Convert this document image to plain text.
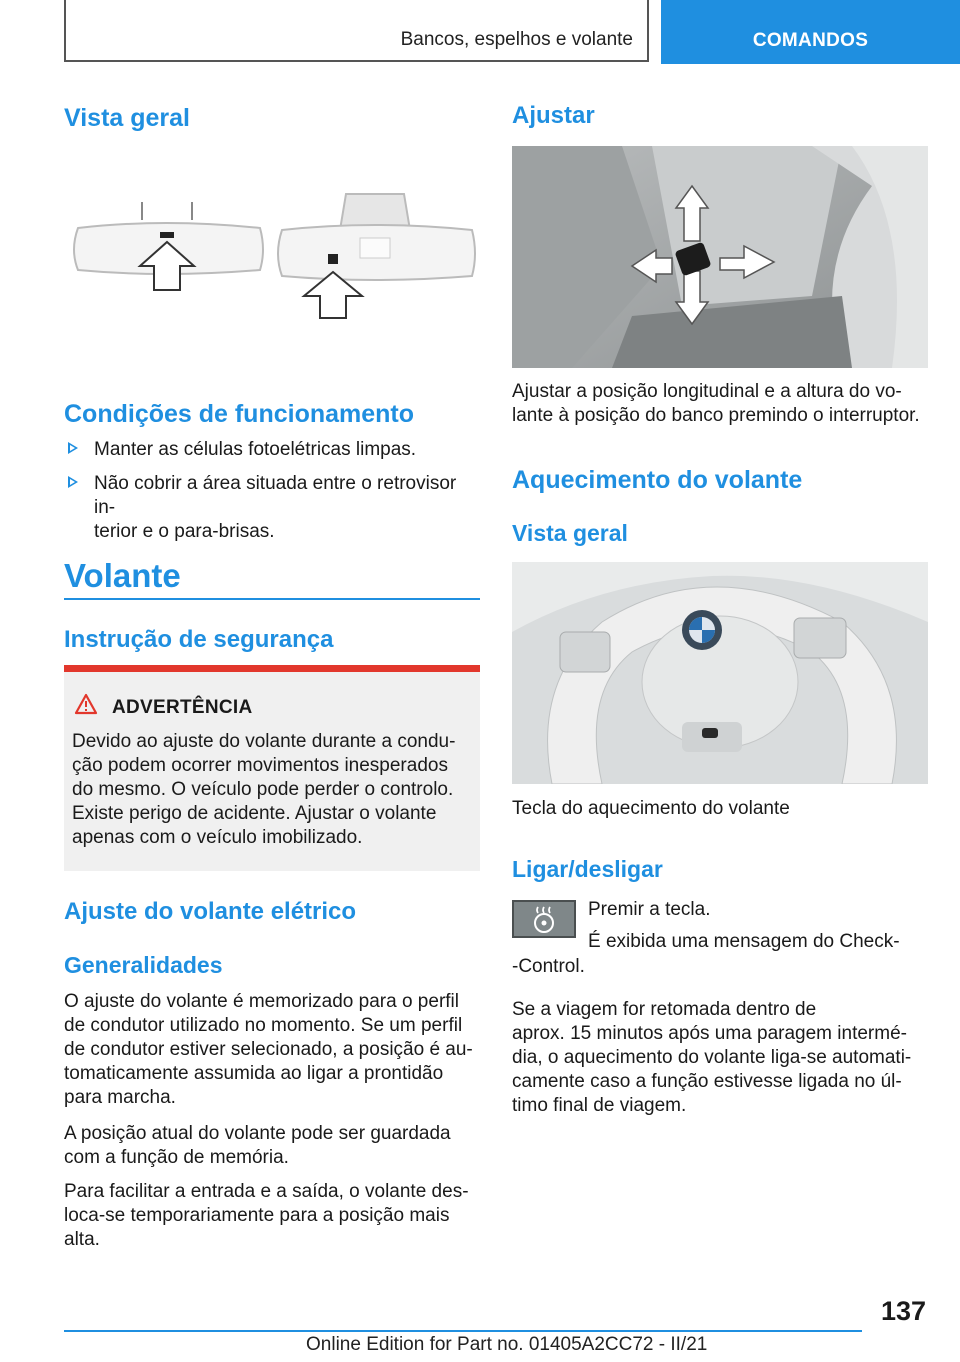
Bancos, espelhos e volante	COMANDOS
Vista geral
Condições de funcionamento
Manter as células fotoelétricas limpas.
Não cobrir a área situada entre o retrovisor in-
terior e o para-brisas.
Volante
Instrução de segurança
ADVERTÊNCIA
Devido ao ajuste do volante durante a condu-
ção podem ocorrer movimentos inesperados
do mesmo. O veículo pode perder o controlo.
Existe perigo de acidente. Ajustar o volante
apenas com o veículo imobilizado.
Ajuste do volante elétrico
Generalidades
O ajuste do volante é memorizado para o perfil
de condutor utilizado no momento. Se um perfil
de condutor estiver selecionado, a posição é au-
tomaticamente assumida ao ligar a prontidão
para marcha.
A posição atual do volante pode ser guardada
com a função de memória.
Para facilitar a entrada e a saída, o volante des-
loca-se temporariamente para a posição mais
alta.
Ajustar
Ajustar a posição longitudinal e a altura do vo-
lante à posição do banco premindo o interruptor.
Aquecimento do volante
Vista geral
Tecla do aquecimento do volante
Ligar/desligar
Premir a tecla.
É exibida uma mensagem do Check-
-Control.
Se a viagem for retomada dentro de
aprox. 15 minutos após uma paragem intermé-
dia, o aquecimento do volante liga-se automati-
camente caso a função estivesse ligada no úl-
timo final de viagem.
137
Online Edition for Part no. 01405A2CC72 - II/21
